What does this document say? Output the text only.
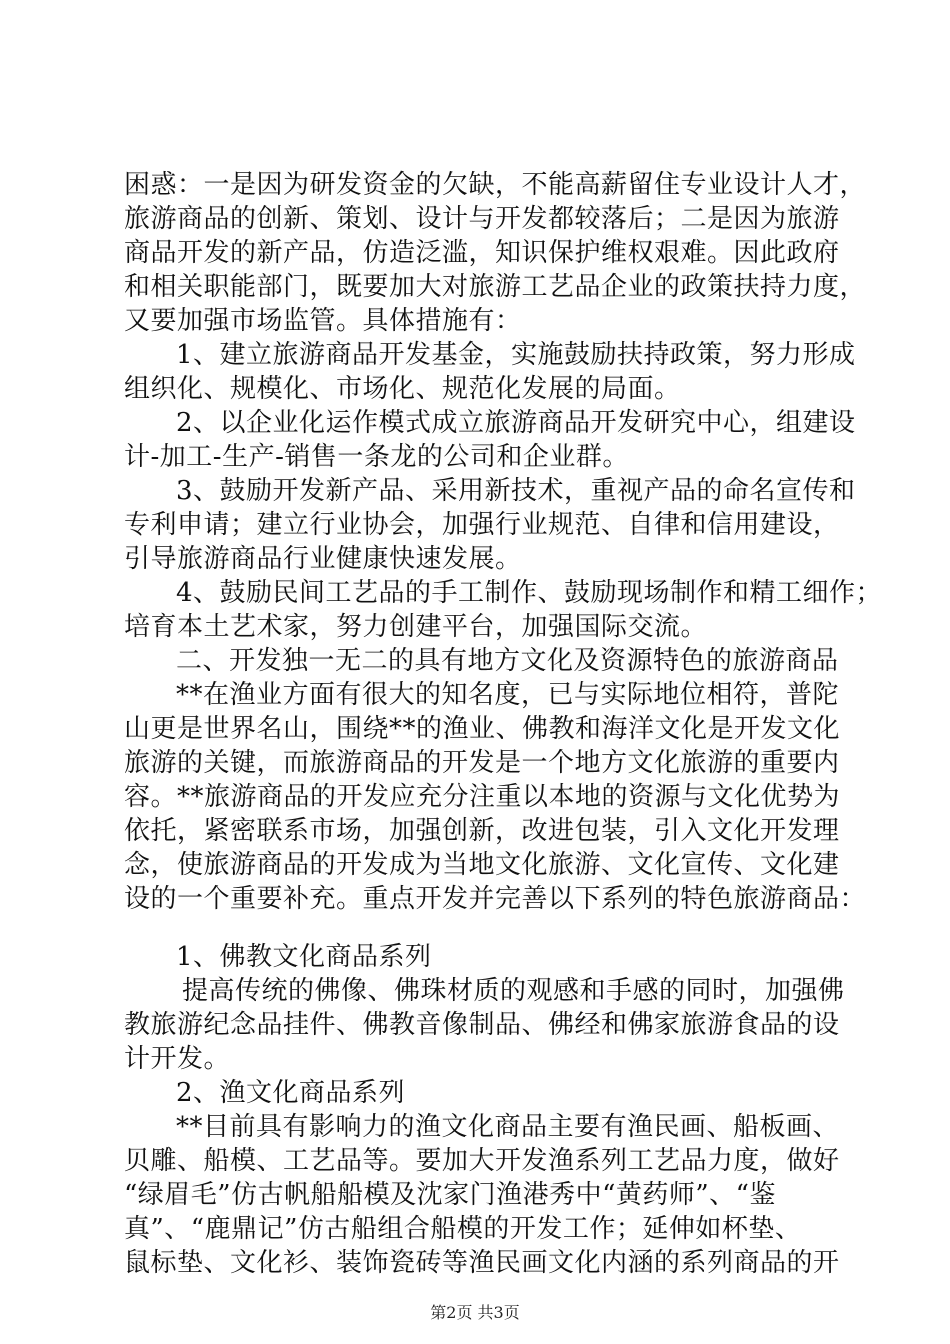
困惑：一是因为研发资金的欠缺，不能高薪留住专业设计人才，
旅游商品的创新、策划、设计与开发都较落后；二是因为旅游
商品开发的新产品，仿造泛滥，知识保护维权艰难。因此政府
和相关职能部门，既要加大对旅游工艺品企业的政策扶持力度，
又要加强市场监管。具体措施有：
1、建立旅游商品开发基金，实施鼓励扶持政策，努力形成
组织化、规模化、市场化、规范化发展的局面。
2、以企业化运作模式成立旅游商品开发研究中心，组建设
计-加工-生产-销售一条龙的公司和企业群。
3、鼓励开发新产品、采用新技术，重视产品的命名宣传和
专利申请；建立行业协会，加强行业规范、自律和信用建设，
引导旅游商品行业健康快速发展。
4、鼓励民间工艺品的手工制作、鼓励现场制作和精工细作；
培育本土艺术家，努力创建平台，加强国际交流。
二、开发独一无二的具有地方文化及资源特色的旅游商品
**在渔业方面有很大的知名度，已与实际地位相符，普陀
山更是世界名山，围绕**的渔业、佛教和海洋文化是开发文化
旅游的关键，而旅游商品的开发是一个地方文化旅游的重要内
容。**旅游商品的开发应充分注重以本地的资源与文化优势为
依托，紧密联系市场，加强创新，改进包装，引入文化开发理
念，使旅游商品的开发成为当地文化旅游、文化宣传、文化建
设的一个重要补充。重点开发并完善以下系列的特色旅游商品：
1、佛教文化商品系列
提高传统的佛像、佛珠材质的观感和手感的同时，加强佛
教旅游纪念品挂件、佛教音像制品、佛经和佛家旅游食品的设
计开发。
2、渔文化商品系列
**目前具有影响力的渔文化商品主要有渔民画、船板画、
贝雕、船模、工艺品等。要加大开发渔系列工艺品力度，做好
“绿眉毛”仿古帆船船模及沈家门渔港秀中“黄药师”、“鉴
真”、“鹿鼎记”仿古船组合船模的开发工作；延伸如杯垫、
鼠标垫、文化衫、装饰瓷砖等渔民画文化内涵的系列商品的开
第2页 共3页
